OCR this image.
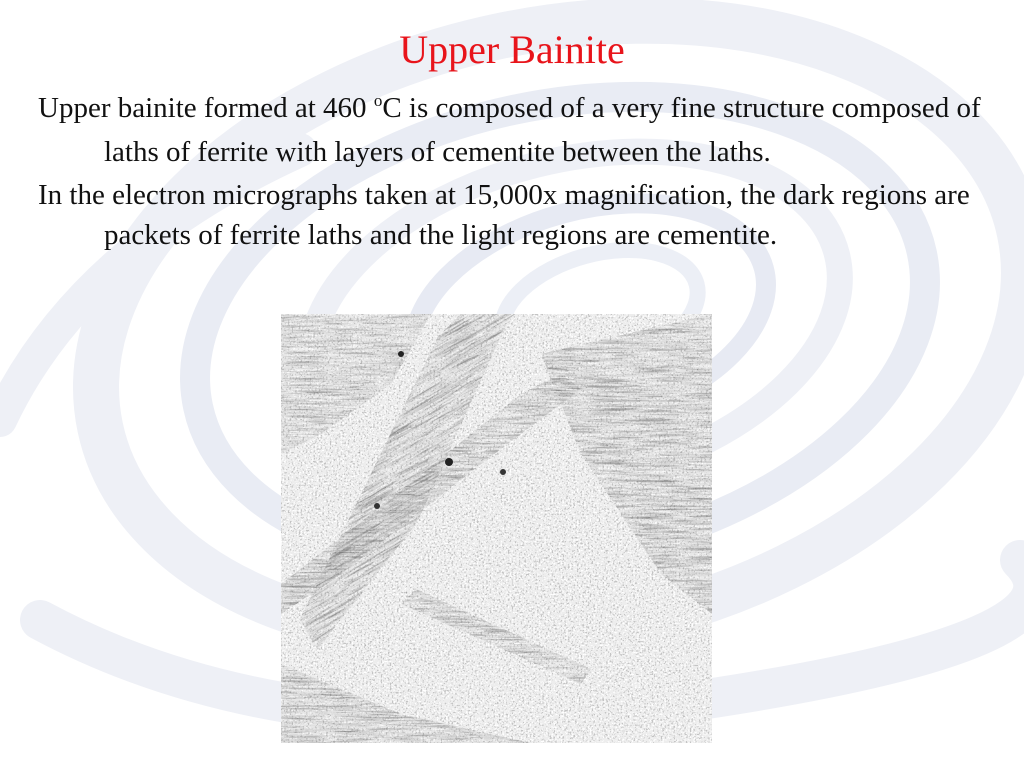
Upper Bainite

Upper bainite formed at 460 $^o$C is composed of a very fine structure composed of laths of ferrite with layers of cementite between the laths.

In the electron micrographs taken at 15,000x magnification, the dark regions are packets of ferrite laths and the light regions are cementite.
